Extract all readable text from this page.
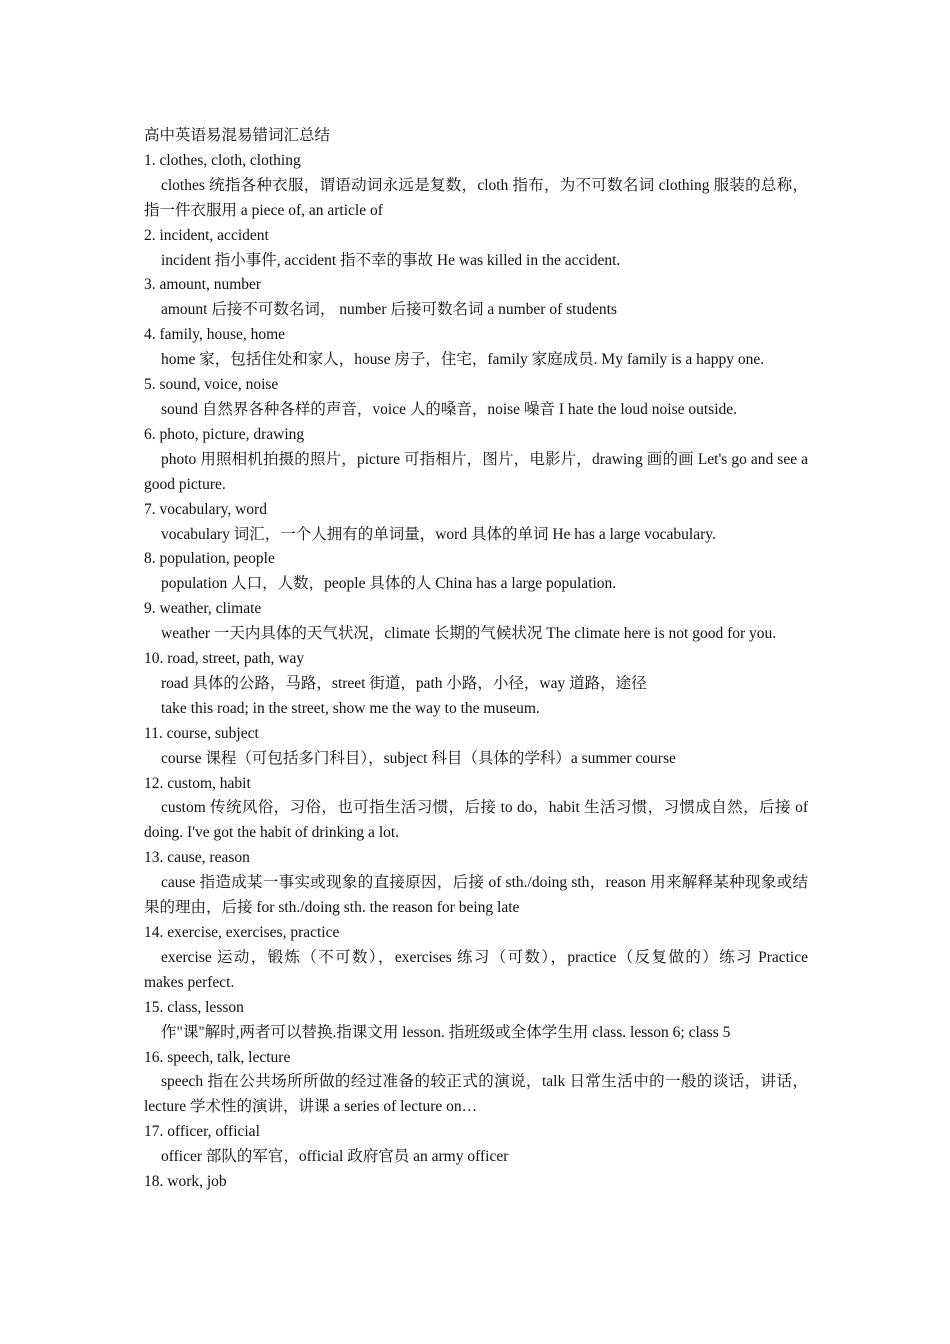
高中英语易混易错词汇总结

1. clothes, cloth, clothing

clothes 统指各种衣服，谓语动词永远是复数，cloth 指布，为不可数名词 clothing 服装的总称，指一件衣服用 a piece of, an article of

2. incident, accident

incident 指小事件, accident 指不幸的事故 He was killed in the accident.

3. amount, number

amount 后接不可数名词， number 后接可数名词 a number of students

4. family, house, home

home 家，包括住处和家人，house 房子，住宅，family 家庭成员. My family is a happy one.

5. sound, voice, noise

sound 自然界各种各样的声音，voice 人的嗓音，noise 噪音 I hate the loud noise outside.

6. photo, picture, drawing

photo 用照相机拍摄的照片，picture 可指相片，图片，电影片，drawing 画的画 Let's go and see a good picture.

7. vocabulary, word

vocabulary 词汇，一个人拥有的单词量，word 具体的单词 He has a large vocabulary.

8. population, people

population 人口，人数，people 具体的人 China has a large population.

9. weather, climate

weather 一天内具体的天气状况，climate 长期的气候状况 The climate here is not good for you.

10. road, street, path, way

road 具体的公路，马路，street 街道，path 小路，小径，way 道路，途径

take this road; in the street, show me the way to the museum.

11. course, subject

course 课程（可包括多门科目），subject 科目（具体的学科）a summer course

12. custom, habit

custom 传统风俗，习俗，也可指生活习惯，后接 to do，habit 生活习惯，习惯成自然，后接 of doing. I've got the habit of drinking a lot.

13. cause, reason

cause 指造成某一事实或现象的直接原因，后接 of sth./doing sth，reason 用来解释某种现象或结果的理由，后接 for sth./doing sth. the reason for being late

14. exercise, exercises, practice

exercise 运动，锻炼（不可数），exercises 练习（可数），practice（反复做的）练习 Practice makes perfect.

15. class, lesson

作"课"解时,两者可以替换.指课文用 lesson. 指班级或全体学生用 class. lesson 6; class 5

16. speech, talk, lecture

speech 指在公共场所所做的经过准备的较正式的演说，talk 日常生活中的一般的谈话，讲话，lecture 学术性的演讲，讲课 a series of lecture on…

17. officer, official

officer 部队的军官，official 政府官员 an army officer

18. work, job
